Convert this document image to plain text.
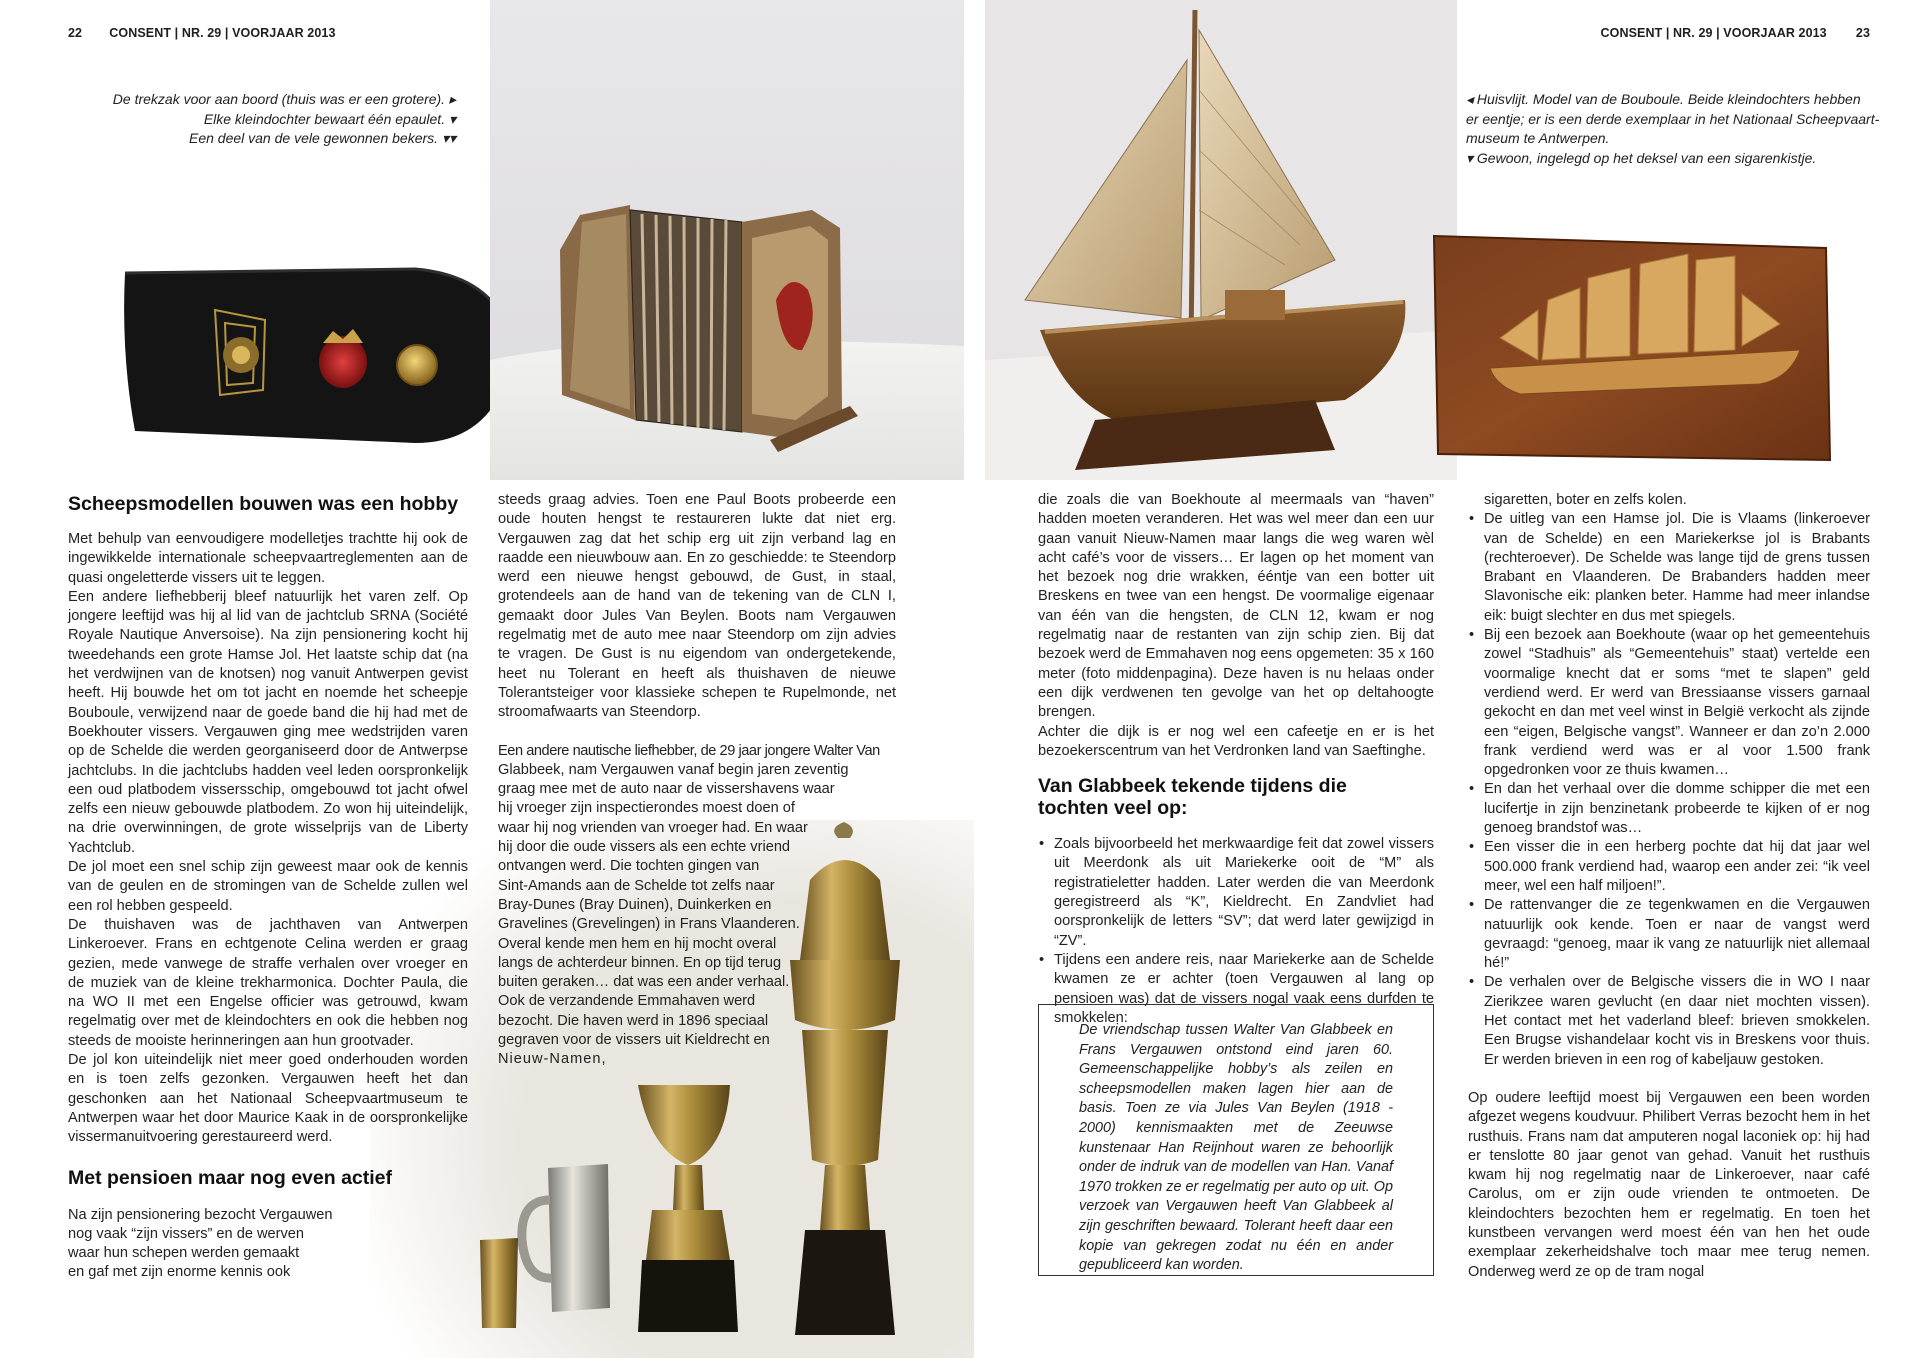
22 CONSENT | NR. 29 | VOORJAAR 2013	CONSENT | NR. 29 | VOORJAAR 2013 23
De trekzak voor aan boord (thuis was er een grotere). ▸
Elke kleindochter bewaart één epaulet. ▾
Een deel van de vele gewonnen bekers. ▾▾
◂ Huisvlijt. Model van de Bouboule. Beide kleindochters hebben
er eentje; er is een derde exemplaar in het Nationaal Scheepvaart-
museum te Antwerpen.
▾ Gewoon, ingelegd op het deksel van een sigarenkistje.
Scheepsmodellen bouwen was een hobby

Met behulp van eenvoudigere modelletjes trachtte hij ook de ingewikkelde internationale scheepvaartreglementen aan de quasi ongeletterde vissers uit te leggen.

Een andere liefhebberij bleef natuurlijk het varen zelf. Op jongere leeftijd was hij al lid van de jachtclub SRNA (Société Royale Nautique Anversoise). Na zijn pensionering kocht hij tweedehands een grote Hamse Jol. Het laatste schip dat (na het verdwijnen van de knotsen) nog vanuit Antwerpen gevist heeft. Hij bouwde het om tot jacht en noemde het scheepje Bouboule, verwijzend naar de goede band die hij had met de Boekhouter vissers. Vergauwen ging mee wedstrijden varen op de Schelde die werden georganiseerd door de Antwerpse jachtclubs. In die jachtclubs hadden veel leden oorspronkelijk een oud platbodem vissersschip, omgebouwd tot jacht ofwel zelfs een nieuw gebouwde platbodem. Zo won hij uiteindelijk, na drie overwinningen, de grote wisselprijs van de Liberty Yachtclub.

De jol moet een snel schip zijn geweest maar ook de kennis van de geulen en de stromingen van de Schelde zullen wel een rol hebben gespeeld.

De thuishaven was de jachthaven van Antwerpen Linkeroever. Frans en echtgenote Celina werden er graag gezien, mede vanwege de straffe verhalen over vroeger en de muziek van de kleine trekharmonica. Dochter Paula, die na WO II met een Engelse officier was getrouwd, kwam regelmatig over met de kleindochters en ook die hebben nog steeds de mooiste herinneringen aan hun grootvader.

De jol kon uiteindelijk niet meer goed onderhouden worden en is toen zelfs gezonken. Vergauwen heeft het dan geschonken aan het Nationaal Scheepvaartmuseum te Antwerpen waar het door Maurice Kaak in de oorspronkelijke vissermanuitvoering gerestaureerd werd.

Met pensioen maar nog even actief
Na zijn pensionering bezocht Vergauwen
nog vaak “zijn vissers” en de werven
waar hun schepen werden gemaakt
en gaf met zijn enorme kennis ook

steeds graag advies. Toen ene Paul Boots probeerde een oude houten hengst te restaureren lukte dat niet erg. Vergauwen zag dat het schip erg uit zijn verband lag en raadde een nieuwbouw aan. En zo geschiedde: te Steendorp werd een nieuwe hengst gebouwd, de Gust, in staal, grotendeels aan de hand van de tekening van de CLN I, gemaakt door Jules Van Beylen. Boots nam Vergauwen regelmatig met de auto mee naar Steendorp om zijn advies te vragen. De Gust is nu eigendom van ondergetekende, heet nu Tolerant en heeft als thuishaven de nieuwe Tolerantsteiger voor klassieke schepen te Rupelmonde, net stroomafwaarts van Steendorp.

Een andere nautische liefhebber, de 29 jaar jongere Walter Van
Glabbeek, nam Vergauwen vanaf begin jaren zeventig
graag mee met de auto naar de vissershavens waar
hij vroeger zijn inspectierondes moest doen of
waar hij nog vrienden van vroeger had. En waar
hij door die oude vissers als een echte vriend
ontvangen werd. Die tochten gingen van
Sint-Amands aan de Schelde tot zelfs naar
Bray-Dunes (Bray Duinen), Duinkerken en
Gravelines (Grevelingen) in Frans Vlaanderen.
Overal kende men hem en hij mocht overal
langs de achterdeur binnen. En op tijd terug
buiten geraken… dat was een ander verhaal.
Ook de verzandende Emmahaven werd
bezocht. Die haven werd in 1896 speciaal
gegraven voor de vissers uit Kieldrecht en
Nieuw-Namen,

die zoals die van Boekhoute al meermaals van “haven” hadden moeten veranderen. Het was wel meer dan een uur gaan vanuit Nieuw-Namen maar langs die weg waren wèl acht café’s voor de vissers… Er lagen op het moment van het bezoek nog drie wrakken, ééntje van een botter uit Breskens en twee van een hengst. De voormalige eigenaar van één van die hengsten, de CLN 12, kwam er nog regelmatig naar de restanten van zijn schip zien. Bij dat bezoek werd de Emmahaven nog eens opgemeten: 35 x 160 meter (foto middenpagina). Deze haven is nu helaas onder een dijk verdwenen ten gevolge van het op deltahoogte brengen.

Achter die dijk is er nog wel een cafeetje en er is het bezoekerscentrum van het Verdronken land van Saeftinghe.

Van Glabbeek tekende tijdens die tochten veel op:
• Zoals bijvoorbeeld het merkwaardige feit dat zowel vissers uit Meerdonk als uit Mariekerke ooit de “M” als registratieletter hadden. Later werden die van Meerdonk geregistreerd als “K”, Kieldrecht. En Zandvliet had oorspronkelijk de letters “SV”; dat werd later gewijzigd in “ZV”.
• Tijdens een andere reis, naar Mariekerke aan de Schelde kwamen ze er achter (toen Vergauwen al lang op pensioen was) dat de vissers nogal vaak eens durfden te smokkelen:

De vriendschap tussen Walter Van Glabbeek en Frans Vergauwen ontstond eind jaren 60. Gemeenschappelijke hobby’s als zeilen en scheepsmodellen maken lagen hier aan de basis. Toen ze via Jules Van Beylen (1918 - 2000) kennismaakten met de Zeeuwse kunstenaar Han Reijnhout waren ze behoorlijk onder de indruk van de modellen van Han. Vanaf 1970 trokken ze er regelmatig per auto op uit. Op verzoek van Vergauwen heeft Van Glabbeek al zijn geschriften bewaard. Tolerant heeft daar een kopie van gekregen zodat nu één en ander gepubliceerd kan worden.

sigaretten, boter en zelfs kolen.

• De uitleg van een Hamse jol. Die is Vlaams (linkeroever van de Schelde) en een Mariekerkse jol is Brabants (rechteroever). De Schelde was lange tijd de grens tussen Brabant en Vlaanderen. De Brabanders hadden meer Slavonische eik: planken beter. Hamme had meer inlandse eik: buigt slechter en dus met spiegels.
• Bij een bezoek aan Boekhoute (waar op het gemeentehuis zowel “Stadhuis” als “Gemeentehuis” staat) vertelde een voormalige knecht dat er soms “met te slapen” geld verdiend werd. Er werd van Bressiaanse vissers garnaal gekocht en dan met veel winst in België verkocht als zijnde een “eigen, Belgische vangst”. Wanneer er dan zo’n 2.000 frank verdiend werd was er al voor 1.500 frank opgedronken voor ze thuis kwamen…
• En dan het verhaal over die domme schipper die met een lucifertje in zijn benzinetank probeerde te kijken of er nog genoeg brandstof was…
• Een visser die in een herberg pochte dat hij dat jaar wel 500.000 frank verdiend had, waarop een ander zei: “ik veel meer, wel een half miljoen!”.
• De rattenvanger die ze tegenkwamen en die Vergauwen natuurlijk ook kende. Toen er naar de vangst werd gevraagd: “genoeg, maar ik vang ze natuurlijk niet allemaal hé!”
• De verhalen over de Belgische vissers die in WO I naar Zierikzee waren gevlucht (en daar niet mochten vissen). Het contact met het vaderland bleef: brieven smokkelen. Een Brugse vishandelaar kocht vis in Breskens voor thuis. Er werden brieven in een rog of kabeljauw gestoken.

Op oudere leeftijd moest bij Vergauwen een been worden afgezet wegens koudvuur. Philibert Verras bezocht hem in het rusthuis. Frans nam dat amputeren nogal laconiek op: hij had er tenslotte 80 jaar genot van gehad. Vanuit het rusthuis kwam hij nog regelmatig naar de Linkeroever, naar café Carolus, om er zijn oude vrienden te ontmoeten. De kleindochters bezochten hem er regelmatig. En toen het kunstbeen vervangen werd moest één van hen het oude exemplaar zekerheidshalve toch maar mee terug nemen. Onderweg werd ze op de tram nogal
